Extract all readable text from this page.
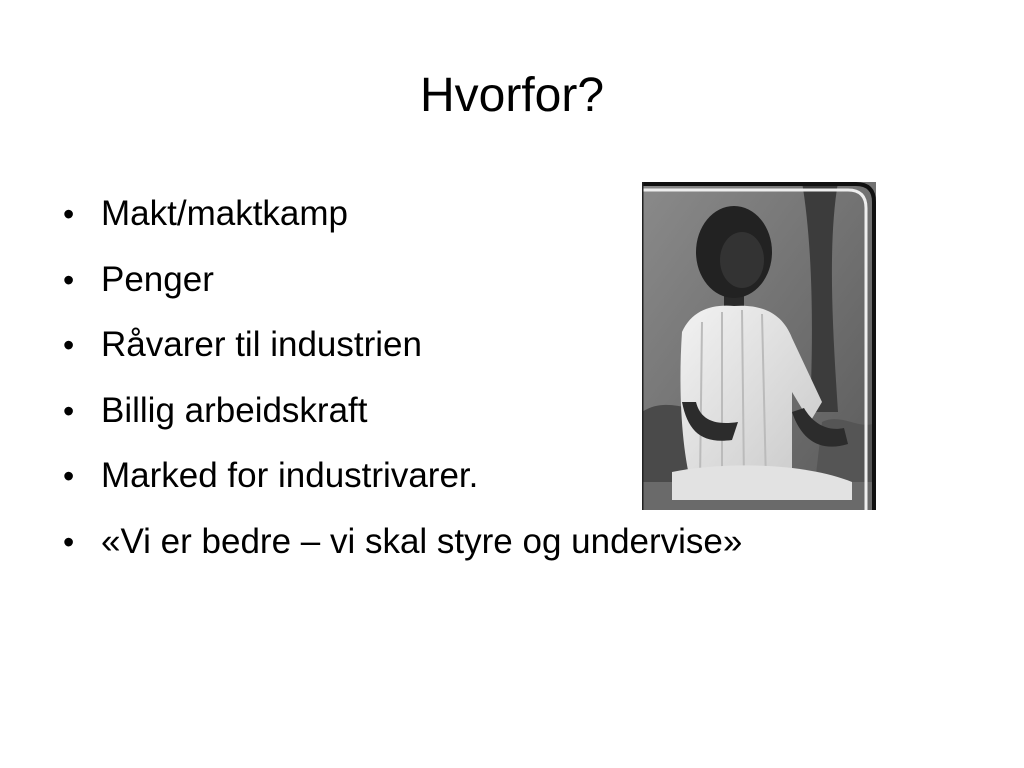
Hvorfor?
• Makt/maktkamp
• Penger
• Råvarer til industrien
• Billig arbeidskraft
• Marked for industrivarer.
• «Vi er bedre – vi skal styre og undervise»
